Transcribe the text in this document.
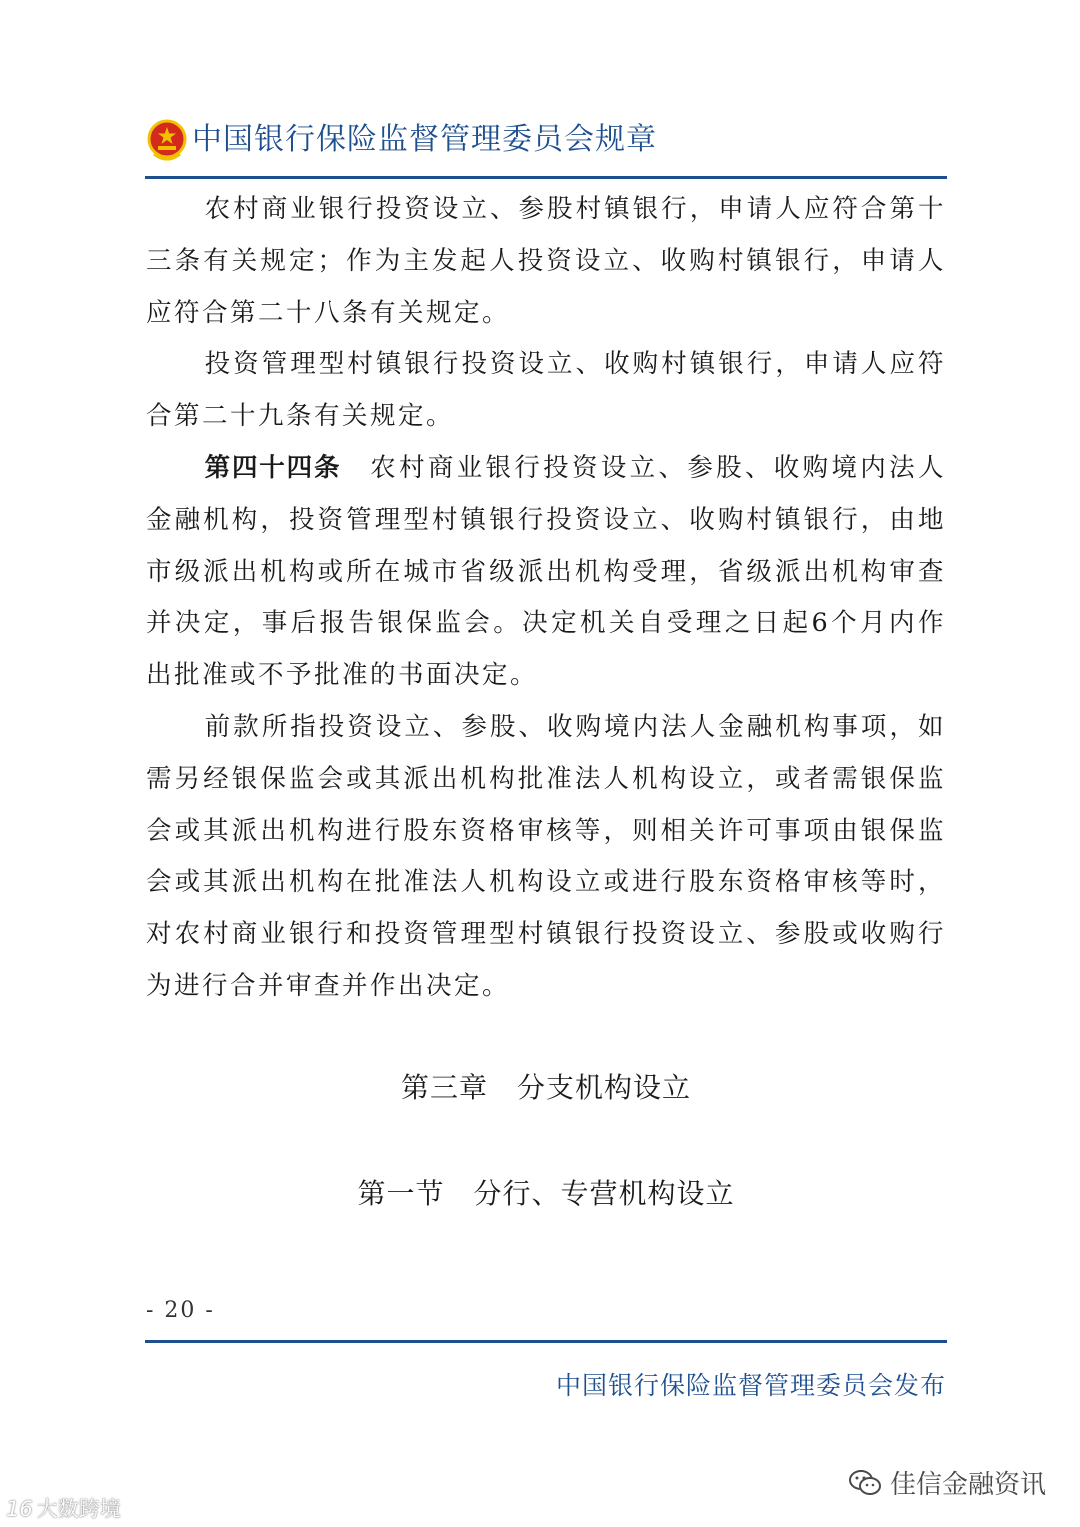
中国银行保险监督管理委员会规章

农村商业银行投资设立、参股村镇银行，申请人应符合第十三条有关规定；作为主发起人投资设立、收购村镇银行，申请人应符合第二十八条有关规定。

投资管理型村镇银行投资设立、收购村镇银行，申请人应符合第二十九条有关规定。

第四十四条　 农村商业银行投资设立、参股、收购境内法人金融机构，投资管理型村镇银行投资设立、收购村镇银行，由地市级派出机构或所在城市省级派出机构受理，省级派出机构审查并决定，事后报告银保监会。决定机关自受理之日起6个月内作出批准或不予批准的书面决定。

前款所指投资设立、参股、收购境内法人金融机构事项，如需另经银保监会或其派出机构批准法人机构设立，或者需银保监会或其派出机构进行股东资格审核等，则相关许可事项由银保监会或其派出机构在批准法人机构设立或进行股东资格审核等时，对农村商业银行和投资管理型村镇银行投资设立、参股或收购行为进行合并审查并作出决定。

第三章　分支机构设立
第一节　分行、专营机构设立
- 20 -
中国银行保险监督管理委员会发布
16 大数跨境
佳信金融资讯
